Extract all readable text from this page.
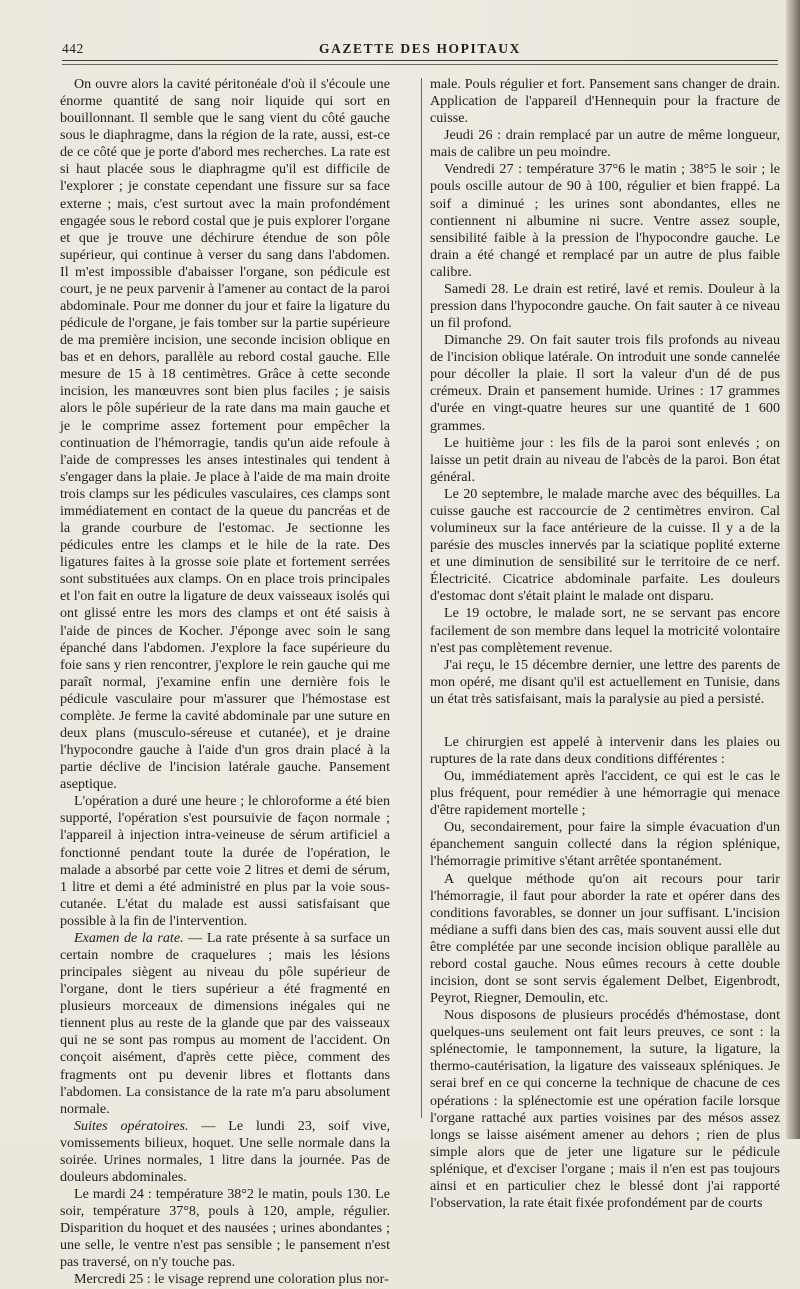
442	GAZETTE DES HOPITAUX

On ouvre alors la cavité péritonéale d'où il s'écoule une énorme quantité de sang noir liquide qui sort en bouillonnant. Il semble que le sang vient du côté gauche sous le diaphragme, dans la région de la rate, aussi, est-ce de ce côté que je porte d'abord mes recherches. La rate est si haut placée sous le diaphragme qu'il est difficile de l'explorer ; je constate cependant une fissure sur sa face externe ; mais, c'est surtout avec la main profondément engagée sous le rebord costal que je puis explorer l'organe et que je trouve une déchirure étendue de son pôle supérieur, qui continue à verser du sang dans l'abdomen. Il m'est impossible d'abaisser l'organe, son pédicule est court, je ne peux parvenir à l'amener au contact de la paroi abdominale. Pour me donner du jour et faire la ligature du pédicule de l'organe, je fais tomber sur la partie supérieure de ma première incision, une seconde incision oblique en bas et en dehors, parallèle au rebord costal gauche. Elle mesure de 15 à 18 centimètres. Grâce à cette seconde incision, les manœuvres sont bien plus faciles ; je saisis alors le pôle supérieur de la rate dans ma main gauche et je le comprime assez fortement pour empêcher la continuation de l'hémorragie, tandis qu'un aide refoule à l'aide de compresses les anses intestinales qui tendent à s'engager dans la plaie. Je place à l'aide de ma main droite trois clamps sur les pédicules vasculaires, ces clamps sont immédiatement en contact de la queue du pancréas et de la grande courbure de l'estomac. Je sectionne les pédicules entre les clamps et le hile de la rate. Des ligatures faites à la grosse soie plate et fortement serrées sont substituées aux clamps. On en place trois principales et l'on fait en outre la ligature de deux vaisseaux isolés qui ont glissé entre les mors des clamps et ont été saisis à l'aide de pinces de Kocher. J'éponge avec soin le sang épanché dans l'abdomen. J'explore la face supérieure du foie sans y rien rencontrer, j'explore le rein gauche qui me paraît normal, j'examine enfin une dernière fois le pédicule vasculaire pour m'assurer que l'hémostase est complète. Je ferme la cavité abdominale par une suture en deux plans (musculo-séreuse et cutanée), et je draine l'hypocondre gauche à l'aide d'un gros drain placé à la partie déclive de l'incision latérale gauche. Pansement aseptique.

L'opération a duré une heure ; le chloroforme a été bien supporté, l'opération s'est poursuivie de façon normale ; l'appareil à injection intra-veineuse de sérum artificiel a fonctionné pendant toute la durée de l'opération, le malade a absorbé par cette voie 2 litres et demi de sérum, 1 litre et demi a été administré en plus par la voie sous-cutanée. L'état du malade est aussi satisfaisant que possible à la fin de l'intervention.

Examen de la rate. — La rate présente à sa surface un certain nombre de craquelures ; mais les lésions principales siègent au niveau du pôle supérieur de l'organe, dont le tiers supérieur a été fragmenté en plusieurs morceaux de dimensions inégales qui ne tiennent plus au reste de la glande que par des vaisseaux qui ne se sont pas rompus au moment de l'accident. On conçoit aisément, d'après cette pièce, comment des fragments ont pu devenir libres et flottants dans l'abdomen. La consistance de la rate m'a paru absolument normale.

Suites opératoires. — Le lundi 23, soif vive, vomissements bilieux, hoquet. Une selle normale dans la soirée. Urines normales, 1 litre dans la journée. Pas de douleurs abdominales.

Le mardi 24 : température 38°2 le matin, pouls 130. Le soir, température 37°8, pouls à 120, ample, régulier. Disparition du hoquet et des nausées ; urines abondantes ; une selle, le ventre n'est pas sensible ; le pansement n'est pas traversé, on n'y touche pas.

Mercredi 25 : le visage reprend une coloration plus nor-

male. Pouls régulier et fort. Pansement sans changer de drain. Application de l'appareil d'Hennequin pour la fracture de cuisse.

Jeudi 26 : drain remplacé par un autre de même longueur, mais de calibre un peu moindre.

Vendredi 27 : température 37°6 le matin ; 38°5 le soir ; le pouls oscille autour de 90 à 100, régulier et bien frappé. La soif a diminué ; les urines sont abondantes, elles ne contiennent ni albumine ni sucre. Ventre assez souple, sensibilité faible à la pression de l'hypocondre gauche. Le drain a été changé et remplacé par un autre de plus faible calibre.

Samedi 28. Le drain est retiré, lavé et remis. Douleur à la pression dans l'hypocondre gauche. On fait sauter à ce niveau un fil profond.

Dimanche 29. On fait sauter trois fils profonds au niveau de l'incision oblique latérale. On introduit une sonde cannelée pour décoller la plaie. Il sort la valeur d'un dé de pus crémeux. Drain et pansement humide. Urines : 17 grammes d'urée en vingt-quatre heures sur une quantité de 1 600 grammes.

Le huitième jour : les fils de la paroi sont enlevés ; on laisse un petit drain au niveau de l'abcès de la paroi. Bon état général.

Le 20 septembre, le malade marche avec des béquilles. La cuisse gauche est raccourcie de 2 centimètres environ. Cal volumineux sur la face antérieure de la cuisse. Il y a de la parésie des muscles innervés par la sciatique poplité externe et une diminution de sensibilité sur le territoire de ce nerf. Électricité. Cicatrice abdominale parfaite. Les douleurs d'estomac dont s'était plaint le malade ont disparu.

Le 19 octobre, le malade sort, ne se servant pas encore facilement de son membre dans lequel la motricité volontaire n'est pas complètement revenue.

J'ai reçu, le 15 décembre dernier, une lettre des parents de mon opéré, me disant qu'il est actuellement en Tunisie, dans un état très satisfaisant, mais la paralysie au pied a persisté.

Le chirurgien est appelé à intervenir dans les plaies ou ruptures de la rate dans deux conditions différentes :

Ou, immédiatement après l'accident, ce qui est le cas le plus fréquent, pour remédier à une hémorragie qui menace d'être rapidement mortelle ;

Ou, secondairement, pour faire la simple évacuation d'un épanchement sanguin collecté dans la région splénique, l'hémorragie primitive s'étant arrêtée spontanément.

A quelque méthode qu'on ait recours pour tarir l'hémorragie, il faut pour aborder la rate et opérer dans des conditions favorables, se donner un jour suffisant. L'incision médiane a suffi dans bien des cas, mais souvent aussi elle dut être complétée par une seconde incision oblique parallèle au rebord costal gauche. Nous eûmes recours à cette double incision, dont se sont servis également Delbet, Eigenbrodt, Peyrot, Riegner, Demoulin, etc.

Nous disposons de plusieurs procédés d'hémostase, dont quelques-uns seulement ont fait leurs preuves, ce sont : la splénectomie, le tamponnement, la suture, la ligature, la thermo-cautérisation, la ligature des vaisseaux spléniques. Je serai bref en ce qui concerne la technique de chacune de ces opérations : la splénectomie est une opération facile lorsque l'organe rattaché aux parties voisines par des mésos assez longs se laisse aisément amener au dehors ; rien de plus simple alors que de jeter une ligature sur le pédicule splénique, et d'exciser l'organe ; mais il n'en est pas toujours ainsi et en particulier chez le blessé dont j'ai rapporté l'observation, la rate était fixée profondément par de courts
